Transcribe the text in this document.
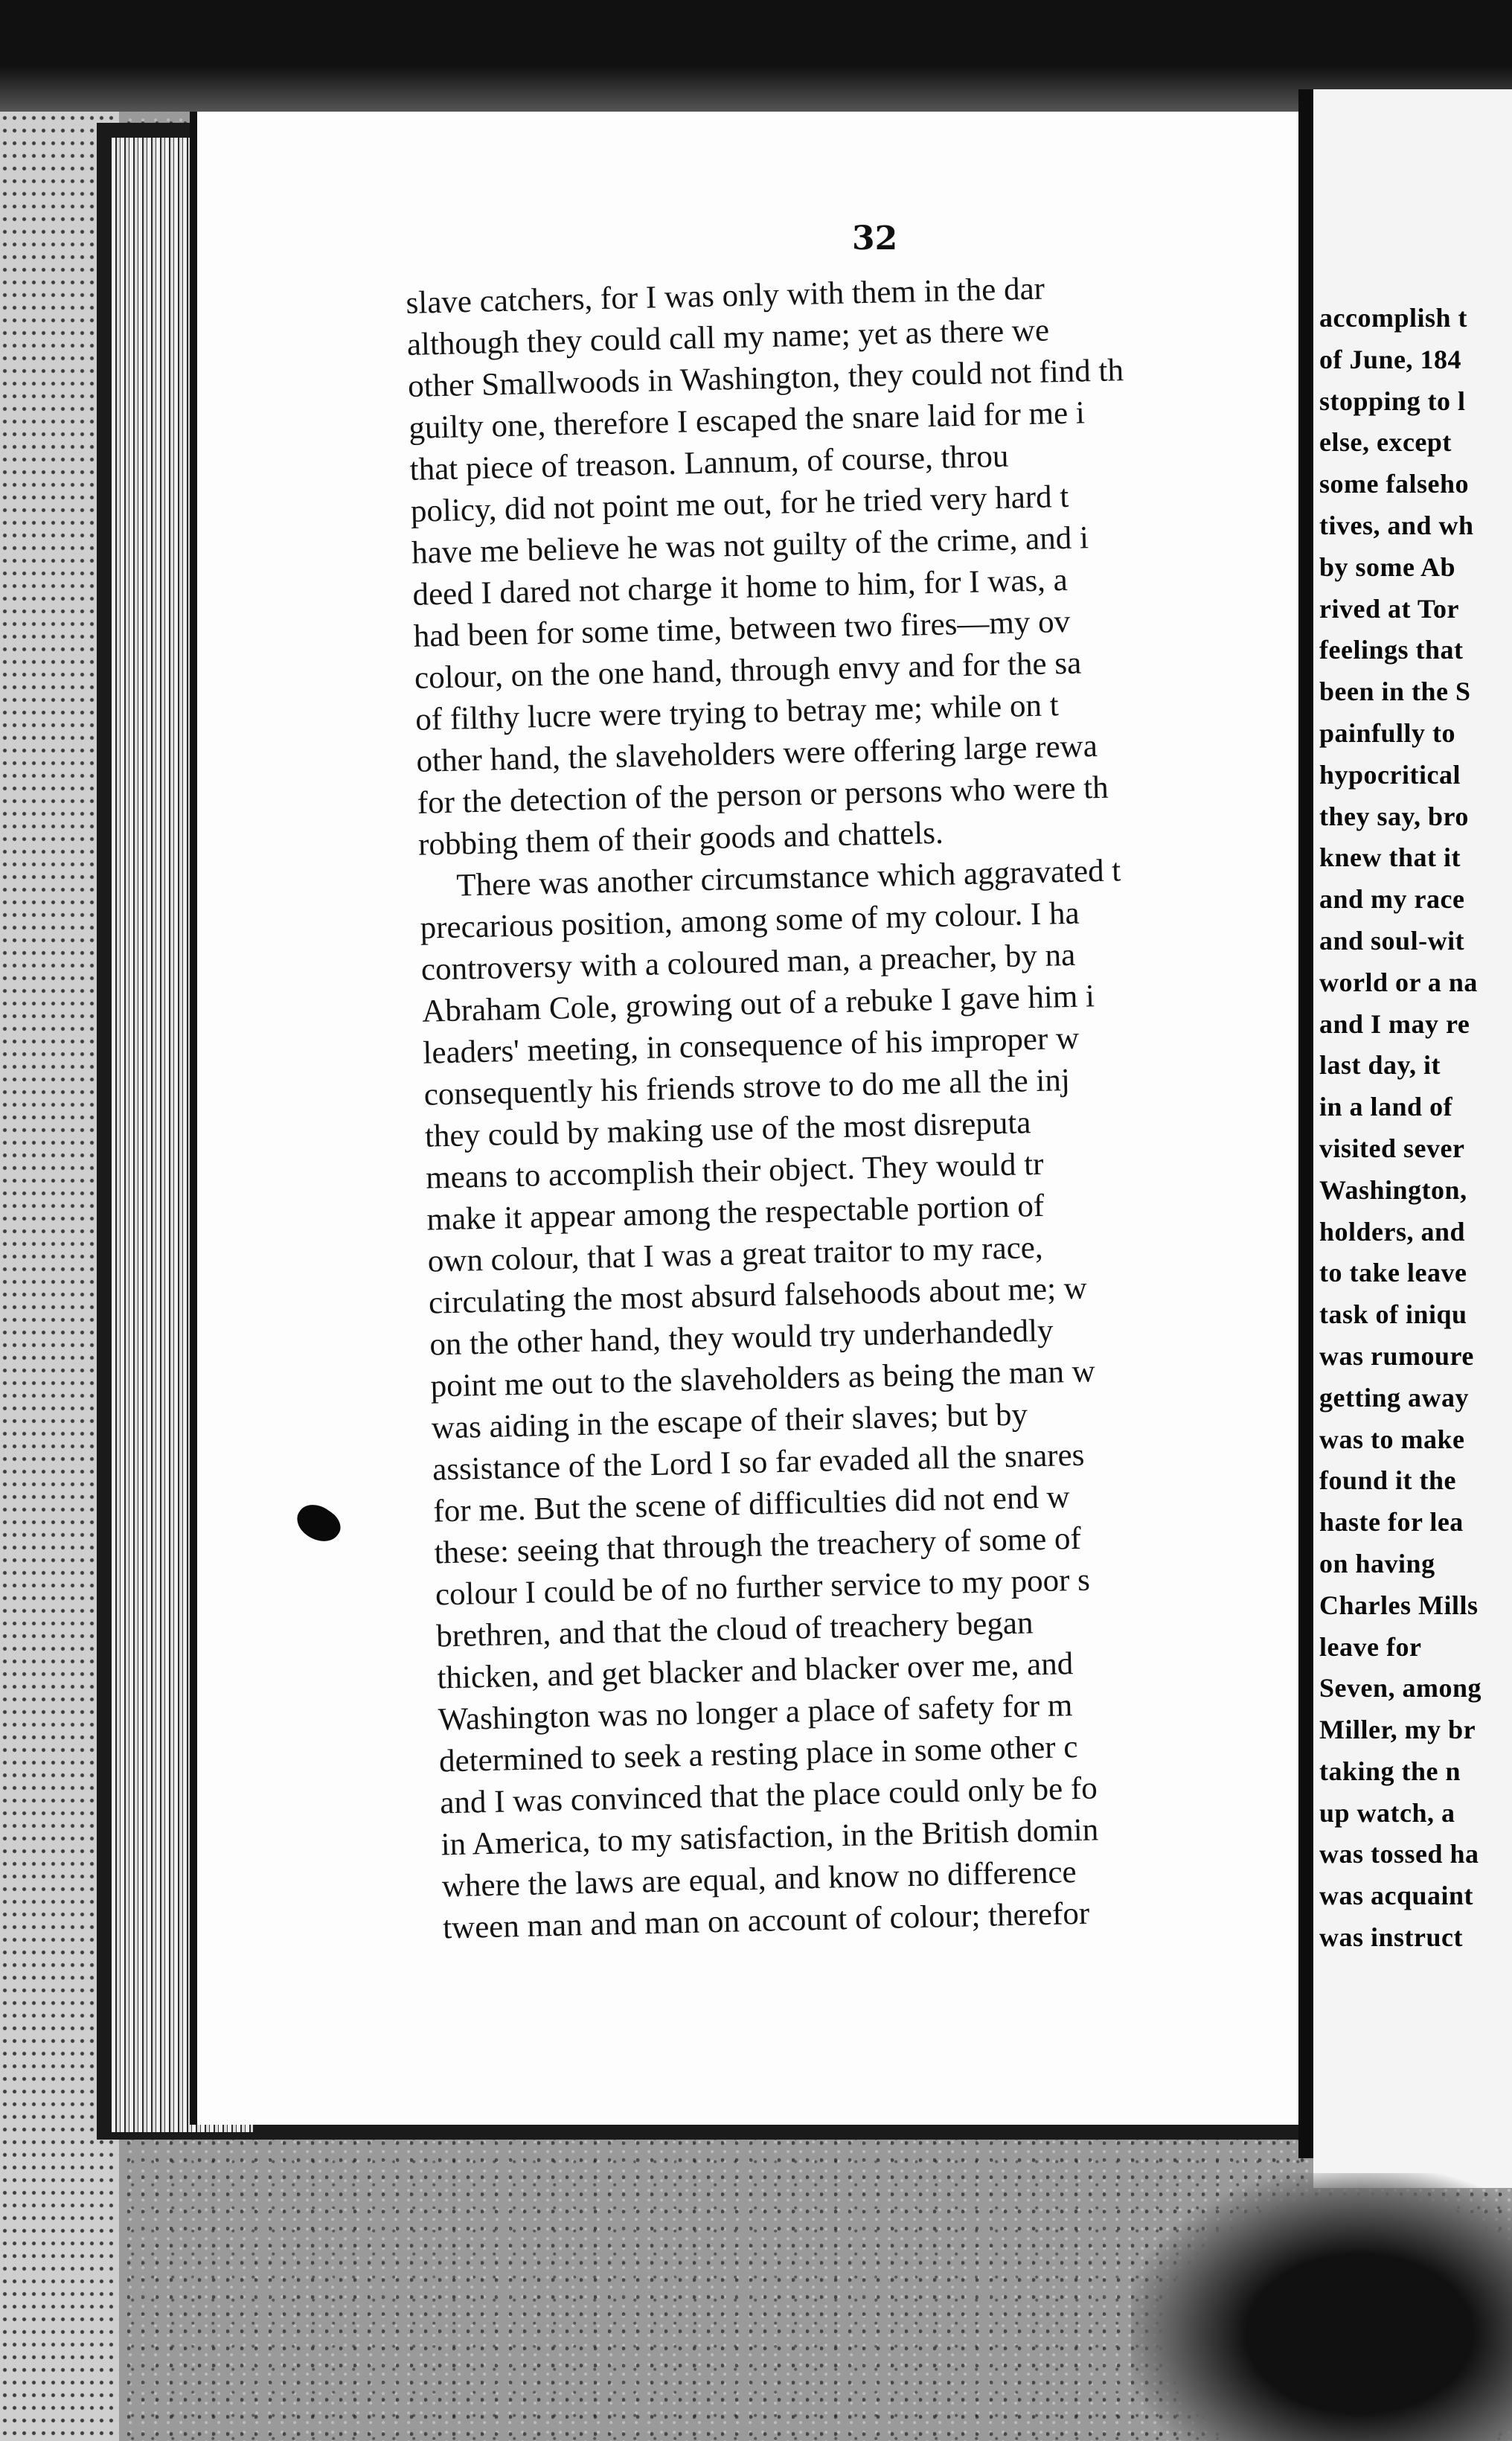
32
slave catchers, for I was only with them in the dar
although they could call my name; yet as there we
other Smallwoods in Washington, they could not find th
guilty one, therefore I escaped the snare laid for me i
that piece of treason. Lannum, of course, throu
policy, did not point me out, for he tried very hard t
have me believe he was not guilty of the crime, and i
deed I dared not charge it home to him, for I was, a
had been for some time, between two fires—my ov
colour, on the one hand, through envy and for the sa
of filthy lucre were trying to betray me; while on t
other hand, the slaveholders were offering large rewa
for the detection of the person or persons who were th
robbing them of their goods and chattels.
There was another circumstance which aggravated t
precarious position, among some of my colour. I ha
controversy with a coloured man, a preacher, by na
Abraham Cole, growing out of a rebuke I gave him i
leaders' meeting, in consequence of his improper w
consequently his friends strove to do me all the inj
they could by making use of the most disreputa
means to accomplish their object. They would tr
make it appear among the respectable portion of
own colour, that I was a great traitor to my race,
circulating the most absurd falsehoods about me; w
on the other hand, they would try underhandedly
point me out to the slaveholders as being the man w
was aiding in the escape of their slaves; but by
assistance of the Lord I so far evaded all the snares
for me. But the scene of difficulties did not end w
these: seeing that through the treachery of some of
colour I could be of no further service to my poor s
brethren, and that the cloud of treachery began
thicken, and get blacker and blacker over me, and
Washington was no longer a place of safety for m
determined to seek a resting place in some other c
and I was convinced that the place could only be fo
in America, to my satisfaction, in the British domin
where the laws are equal, and know no difference
tween man and man on account of colour; therefor
accomplish t
of June, 184
stopping to l
else, except
some falseho
tives, and wh
by some Ab
rived at Tor
feelings that
been in the S
painfully to
hypocritical
they say, bro
knew that it
and my race
and soul-wit
world or a na
and I may re
last day, it
in a land of
visited sever
Washington,
holders, and
to take leave
task of iniqu
was rumoure
getting away
was to make
found it the
haste for lea
on having
Charles Mills
leave for
Seven, among
Miller, my br
taking the n
up watch, a
was tossed ha
was acquaint
was instruct
